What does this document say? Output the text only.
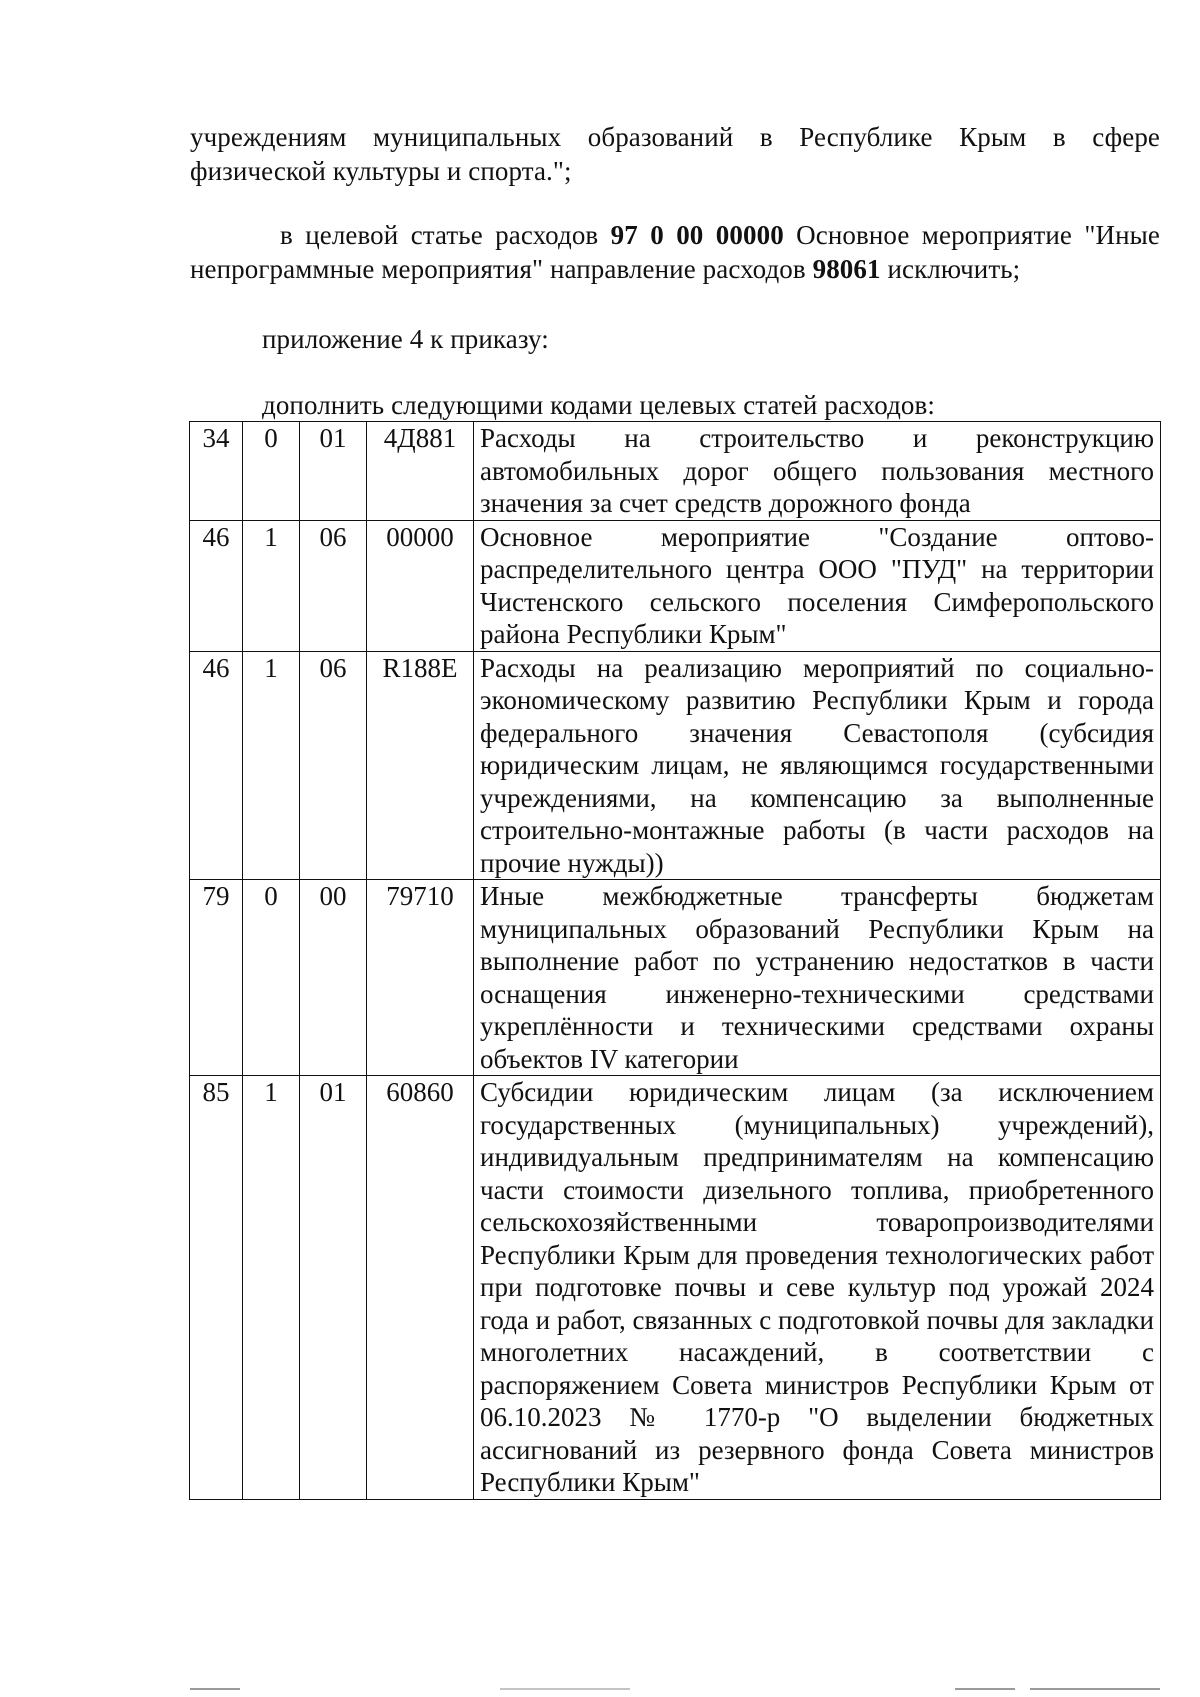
учреждениям муниципальных образований в Республике Крым в сфере физической культуры и спорта.";

в целевой статье расходов 97 0 00 00000 Основное мероприятие "Иные непрограммные мероприятия" направление расходов 98061 исключить;

приложение 4 к приказу:

дополнить следующими кодами целевых статей расходов:

34	0	01	4Д881	Расходы на строительство и реконструкцию автомобильных дорог общего пользования местного значения за счет средств дорожного фонда
46	1	06	00000	Основное мероприятие "Создание оптово-распределительного центра ООО "ПУД" на территории Чистенского сельского поселения Симферопольского района Республики Крым"
46	1	06	R188E	Расходы на реализацию мероприятий по социально-экономическому развитию Республики Крым и города федерального значения Севастополя (субсидия юридическим лицам, не являющимся государственными учреждениями, на компенсацию за выполненные строительно-монтажные работы (в части расходов на прочие нужды))
79	0	00	79710	Иные межбюджетные трансферты бюджетам муниципальных образований Республики Крым на выполнение работ по устранению недостатков в части оснащения инженерно-техническими средствами укреплённости и техническими средствами охраны объектов IV категории
85	1	01	60860	Субсидии юридическим лицам (за исключением государственных (муниципальных) учреждений), индивидуальным предпринимателям на компенсацию части стоимости дизельного топлива, приобретенного сельскохозяйственными товаропроизводителями Республики Крым для проведения технологических работ при подготовке почвы и севе культур под урожай 2024 года и работ, связанных с подготовкой почвы для закладки многолетних насаждений, в соответствии с распоряжением Совета министров Республики Крым от 06.10.2023 № 1770-р "О выделении бюджетных ассигнований из резервного фонда Совета министров Республики Крым"
